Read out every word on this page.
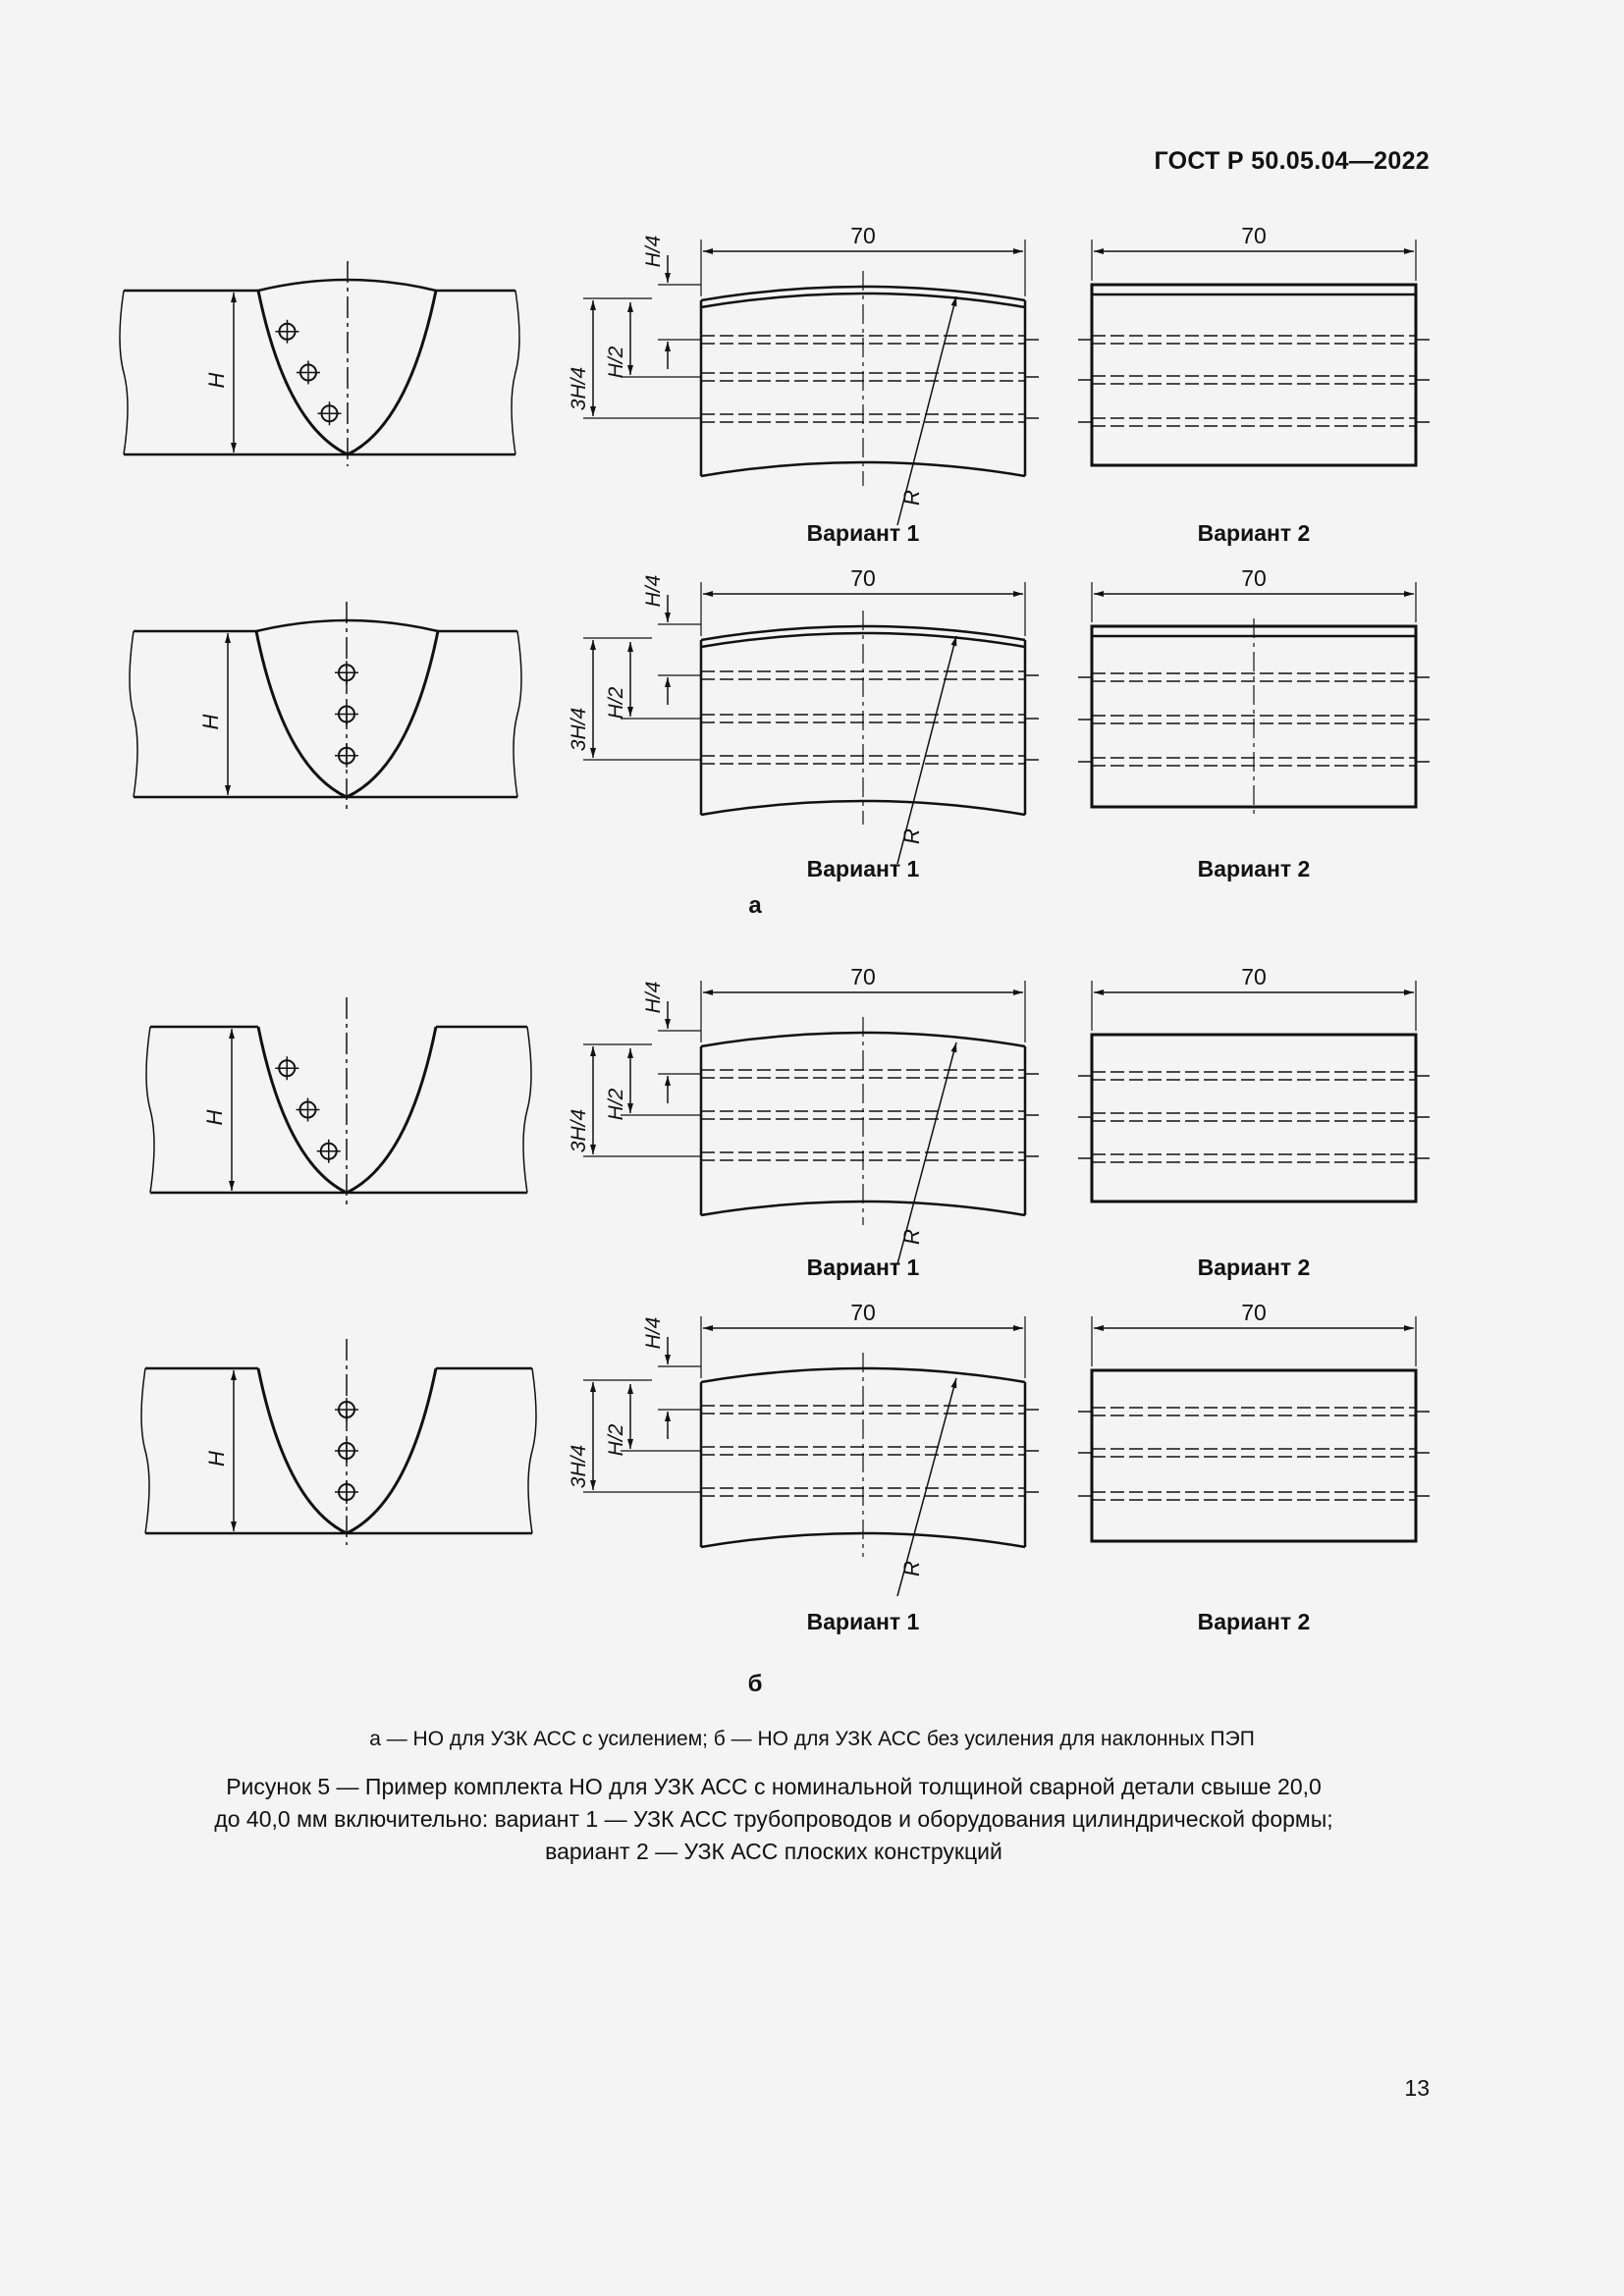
ГОСТ Р 50.05.04—2022
H
H/4
H/2
3H/4
70
R
Вариант 1
70
Вариант 2
H
H/4
H/2
3H/4
70
R
Вариант 1
70
Вариант 2
а
H
H/4
H/2
3H/4
70
R
Вариант 1
70
Вариант 2
H
H/4
H/2
3H/4
70
R
Вариант 1
70
Вариант 2
б
а — НО для УЗК АСС с усилением; б — НО для УЗК АСС без усиления для наклонных ПЭП
Рисунок 5 — Пример комплекта НО для УЗК АСС с номинальной толщиной сварной детали свыше 20,0
до 40,0 мм включительно: вариант 1 — УЗК АСС трубопроводов и оборудования цилиндрической формы;
вариант 2 — УЗК АСС плоских конструкций
13
